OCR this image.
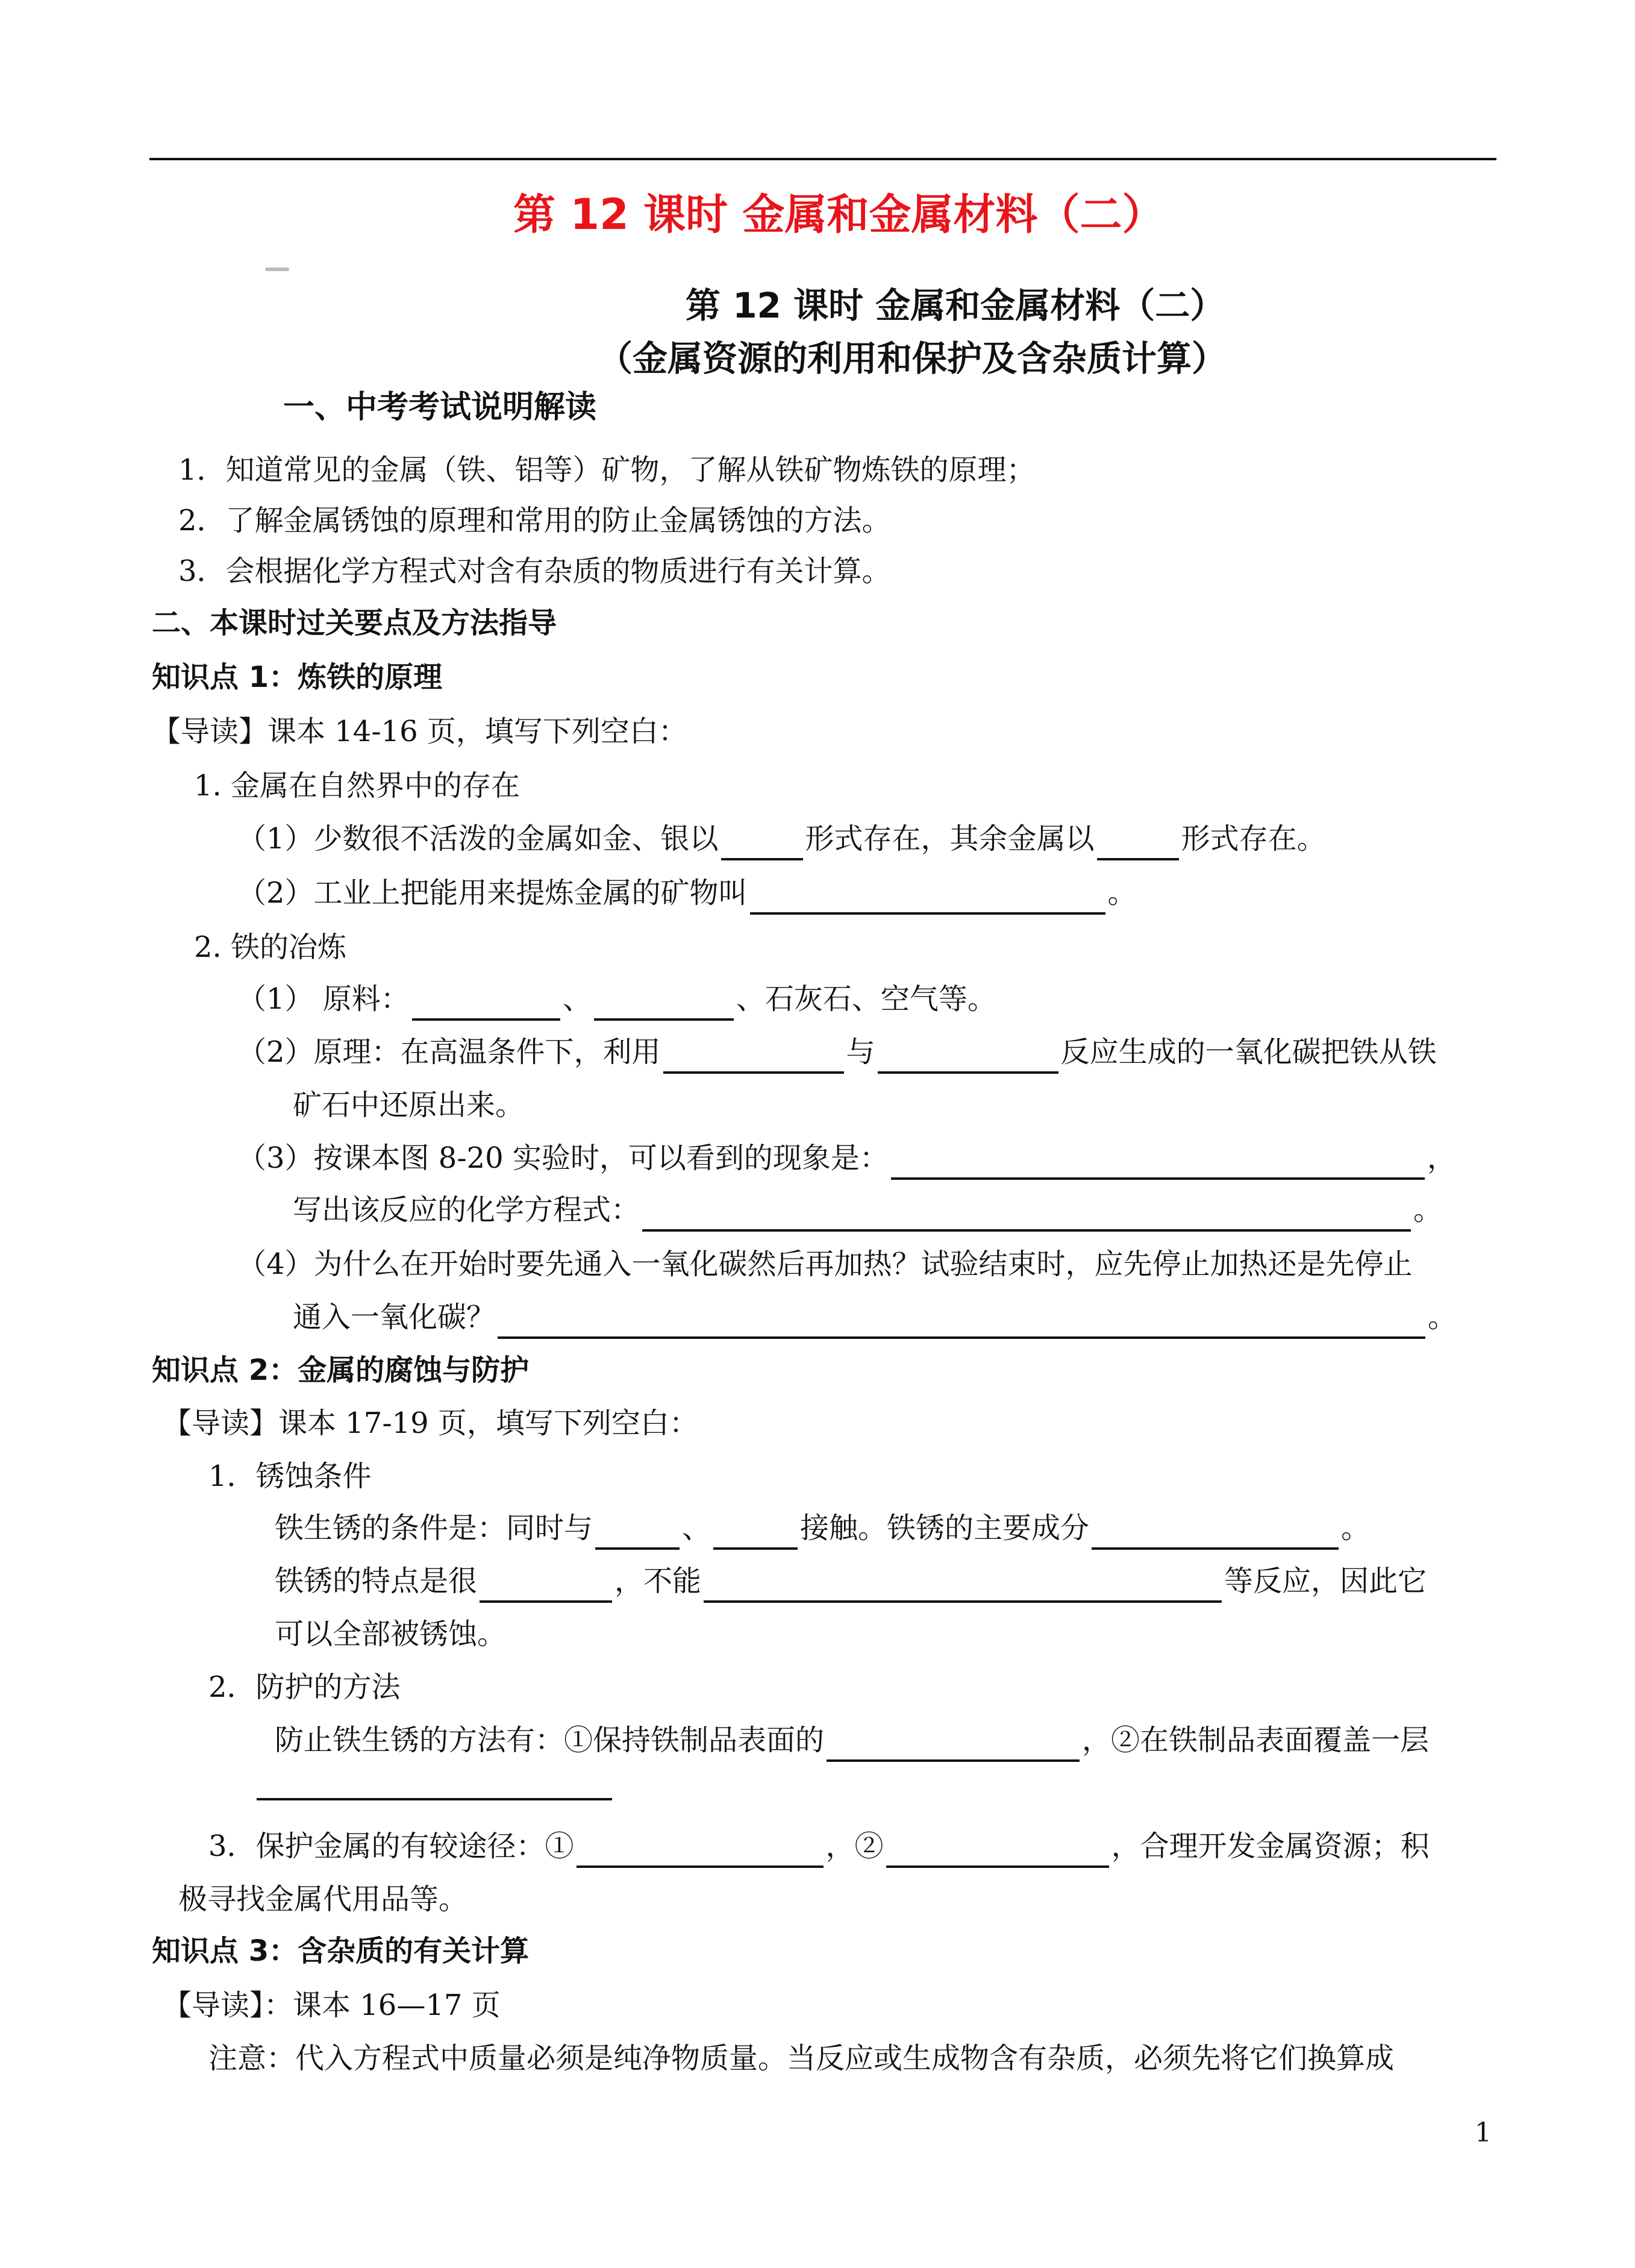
第 12 课时 金属和金属材料（二）
第 12 课时 金属和金属材料（二）
（金属资源的利用和保护及含杂质计算）
一、中考考试说明解读
1．知道常见的金属（铁、铝等）矿物，了解从铁矿物炼铁的原理；
2．了解金属锈蚀的原理和常用的防止金属锈蚀的方法。
3．会根据化学方程式对含有杂质的物质进行有关计算。
二、本课时过关要点及方法指导
知识点 1：炼铁的原理
【导读】课本 14-16 页，填写下列空白：
1. 金属在自然界中的存在
（1）少数很不活泼的金属如金、银以	形式存在，其余金属以	形式存在。
（2）工业上把能用来提炼金属的矿物叫	。
2. 铁的冶炼
（1） 原料：	、	、石灰石、空气等。
（2）原理：在高温条件下，利用	与	反应生成的一氧化碳把铁从铁
矿石中还原出来。
（3）按课本图 8-20 实验时，可以看到的现象是：	，
写出该反应的化学方程式：	。
（4）为什么在开始时要先通入一氧化碳然后再加热？试验结束时，应先停止加热还是先停止
通入一氧化碳？	。
知识点 2：金属的腐蚀与防护
【导读】课本 17-19 页，填写下列空白：
1．锈蚀条件
铁生锈的条件是：同时与	、	接触。铁锈的主要成分	。
铁锈的特点是很	，不能	等反应，因此它
可以全部被锈蚀。
2．防护的方法
防止铁生锈的方法有：①保持铁制品表面的	，②在铁制品表面覆盖一层
3．保护金属的有较途径：①	，②	，合理开发金属资源；积
极寻找金属代用品等。
知识点 3：含杂质的有关计算
【导读】：课本 16—17 页
注意：代入方程式中质量必须是纯净物质量。当反应或生成物含有杂质，必须先将它们换算成
1
